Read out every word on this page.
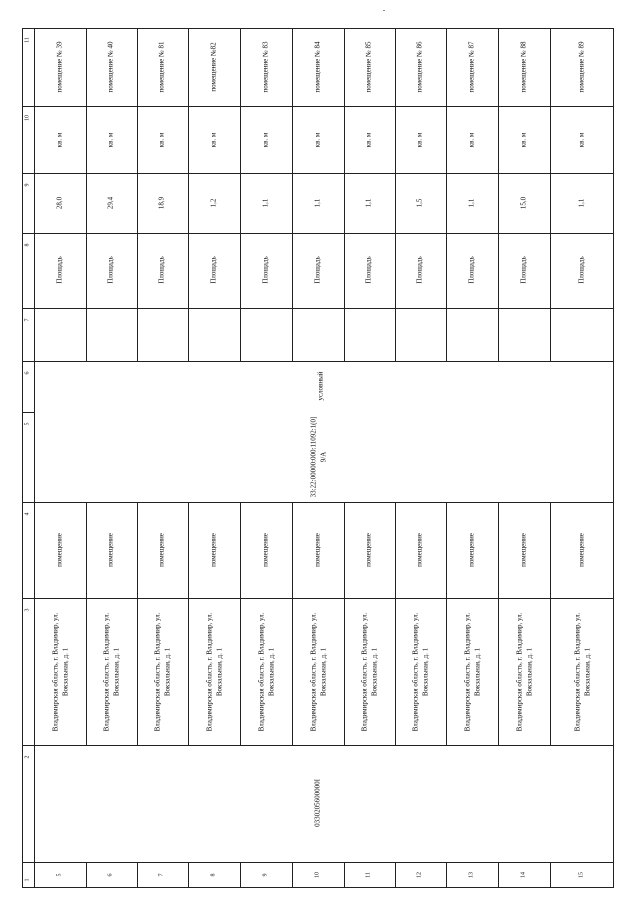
11
10
9
8
7
6
5
4
3
2
1
помещение № 39
кв. м
28,0
Площадь
помещение
Владимирская область, г. Владимир, ул. Вокзальная, д. 1
5
помещение № 40
кв. м
29,4
Площадь
помещение
Владимирская область, г. Владимир, ул. Вокзальная, д. 1
6
помещение № 81
кв. м
18,9
Площадь
помещение
Владимирская область, г. Владимир, ул. Вокзальная, д. 1
7
помещение №82
кв. м
1,2
Площадь
помещение
Владимирская область, г. Владимир, ул. Вокзальная, д. 1
8
помещение № 83
кв. м
1,1
Площадь
помещение
Владимирская область, г. Владимир, ул. Вокзальная, д. 1
9
помещение № 84
кв. м
1,1
Площадь
помещение
Владимирская область, г. Владимир, ул. Вокзальная, д. 1
10
помещение № 85
кв. м
1,1
Площадь
помещение
Владимирская область, г. Владимир, ул. Вокзальная, д. 1
11
помещение № 86
кв. м
1,5
Площадь
помещение
Владимирская область, г. Владимир, ул. Вокзальная, д. 1
12
помещение № 87
кв. м
1,1
Площадь
помещение
Владимирская область, г. Владимир, ул. Вокзальная, д. 1
13
помещение № 88
кв. м
15,0
Площадь
помещение
Владимирская область, г. Владимир, ул. Вокзальная, д. 1
14
помещение № 89
кв. м
1,1
Площадь
помещение
Владимирская область, г. Владимир, ул. Вокзальная, д. 1
15
условный
33:22:00000:000:11092:1(0] 9/А
0330205600000I
